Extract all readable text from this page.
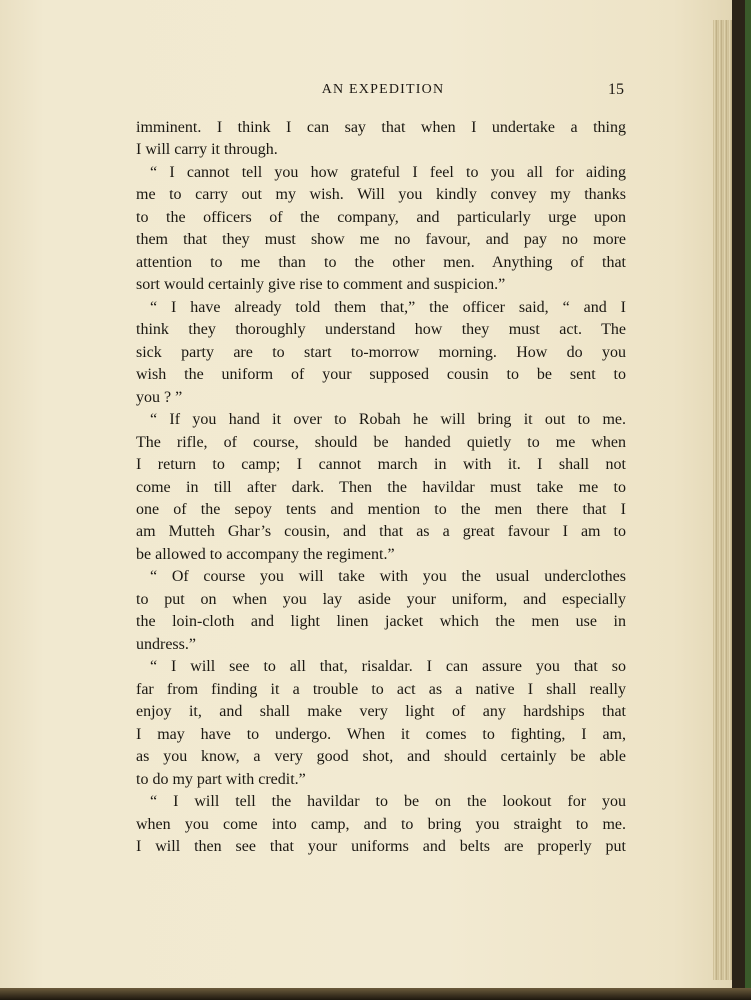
AN EXPEDITION	15
imminent. I think I can say that when I undertake a thing
I will carry it through.
“ I cannot tell you how grateful I feel to you all for aiding
me to carry out my wish. Will you kindly convey my thanks
to the officers of the company, and particularly urge upon
them that they must show me no favour, and pay no more
attention to me than to the other men. Anything of that
sort would certainly give rise to comment and suspicion.”
“ I have already told them that,” the officer said, “ and I
think they thoroughly understand how they must act. The
sick party are to start to-morrow morning. How do you
wish the uniform of your supposed cousin to be sent to
you ? ”
“ If you hand it over to Robah he will bring it out to me.
The rifle, of course, should be handed quietly to me when
I return to camp; I cannot march in with it. I shall not
come in till after dark. Then the havildar must take me to
one of the sepoy tents and mention to the men there that I
am Mutteh Ghar’s cousin, and that as a great favour I am to
be allowed to accompany the regiment.”
“ Of course you will take with you the usual underclothes
to put on when you lay aside your uniform, and especially
the loin-cloth and light linen jacket which the men use in
undress.”
“ I will see to all that, risaldar. I can assure you that so
far from finding it a trouble to act as a native I shall really
enjoy it, and shall make very light of any hardships that
I may have to undergo. When it comes to fighting, I am,
as you know, a very good shot, and should certainly be able
to do my part with credit.”
“ I will tell the havildar to be on the lookout for you
when you come into camp, and to bring you straight to me.
I will then see that your uniforms and belts are properly put
